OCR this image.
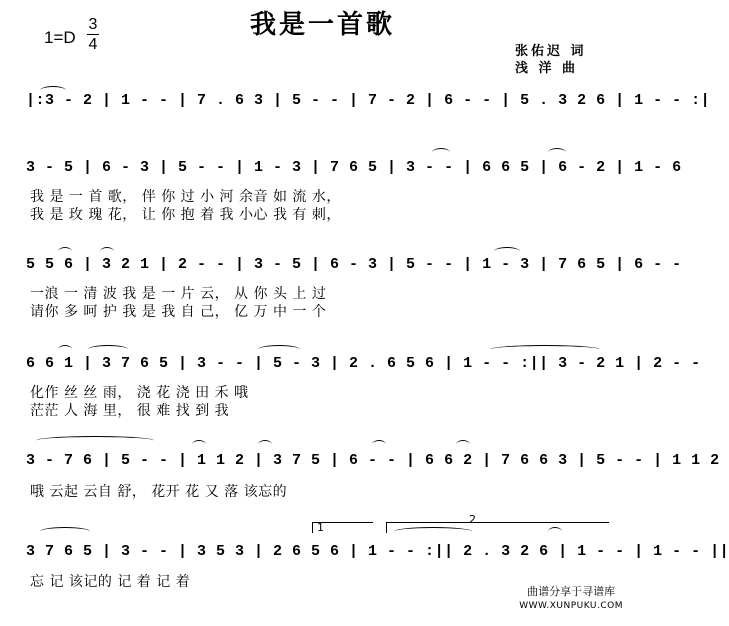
我是一首歌
1=D
3
4	张佑迟 词
浅 洋 曲
|:3 - 2 | 1 - - | 7 . 6 3 | 5 - - | 7 - 2 | 6 - - | 5 . 3 2 6 | 1 - - :|
3 - 5 | 6 - 3 | 5 - - | 1 - 3 | 7 6 5 | 3 - - | 6 6 5 | 6 - 2 | 1 - 6
我 是 一 首 歌， 伴 你 过 小 河 余音 如 流 水，
我 是 玫 瑰 花， 让 你 抱 着 我 小心 我 有 刺，
5 5 6 | 3 2 1 | 2 - - | 3 - 5 | 6 - 3 | 5 - - | 1 - 3 | 7 6 5 | 6 - -
一浪 一 清 波 我 是 一 片 云， 从 你 头 上 过
请你 多 呵 护 我 是 我 自 己， 亿 万 中 一 个
6 6 1 | 3 7 6 5 | 3 - - | 5 - 3 | 2 . 6 5 6 | 1 - - :|| 3 - 2 1 | 2 - -
化作 丝 丝 雨， 浇 花 浇 田 禾 哦
茫茫 人 海 里， 很 难 找 到 我
3 - 7 6 | 5 - - | 1 1 2 | 3 7 5 | 6 - - | 6 6 2 | 7 6 6 3 | 5 - - | 1 1 2
哦 云起 云自 舒， 花开 花 又 落 该忘的
1
2
3 7 6 5 | 3 - - | 3 5 3 | 2 6 5 6 | 1 - - :|| 2 . 3 2 6 | 1 - - | 1 - - ||
忘 记 该记的 记 着 记 着
曲谱分享于寻谱库
WWW.XUNPUKU.COM
